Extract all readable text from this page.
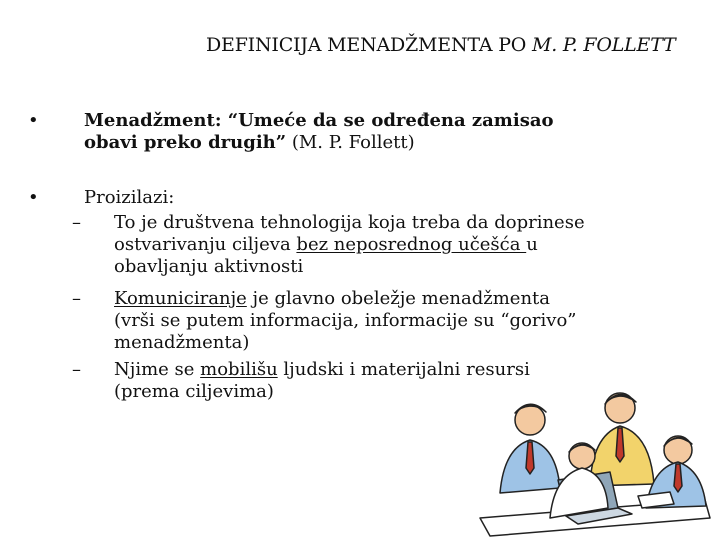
DEFINICIJA MENADŽMENTA PO M. P. FOLLETT
•	Menadžment: “Umeće da se određena zamisao
obavi preko drugih” (M. P. Follett)
•	Proizilazi:
– To je društvena tehnologija koja treba da doprinese
ostvarivanju ciljeva bez neposrednog učešća u
obavljanju aktivnosti
– Komuniciranje je glavno obeležje menadžmenta
(vrši se putem informacija, informacije su “gorivo”
menadžmenta)
– Njime se mobilišu ljudski i materijalni resursi
(prema ciljevima)
